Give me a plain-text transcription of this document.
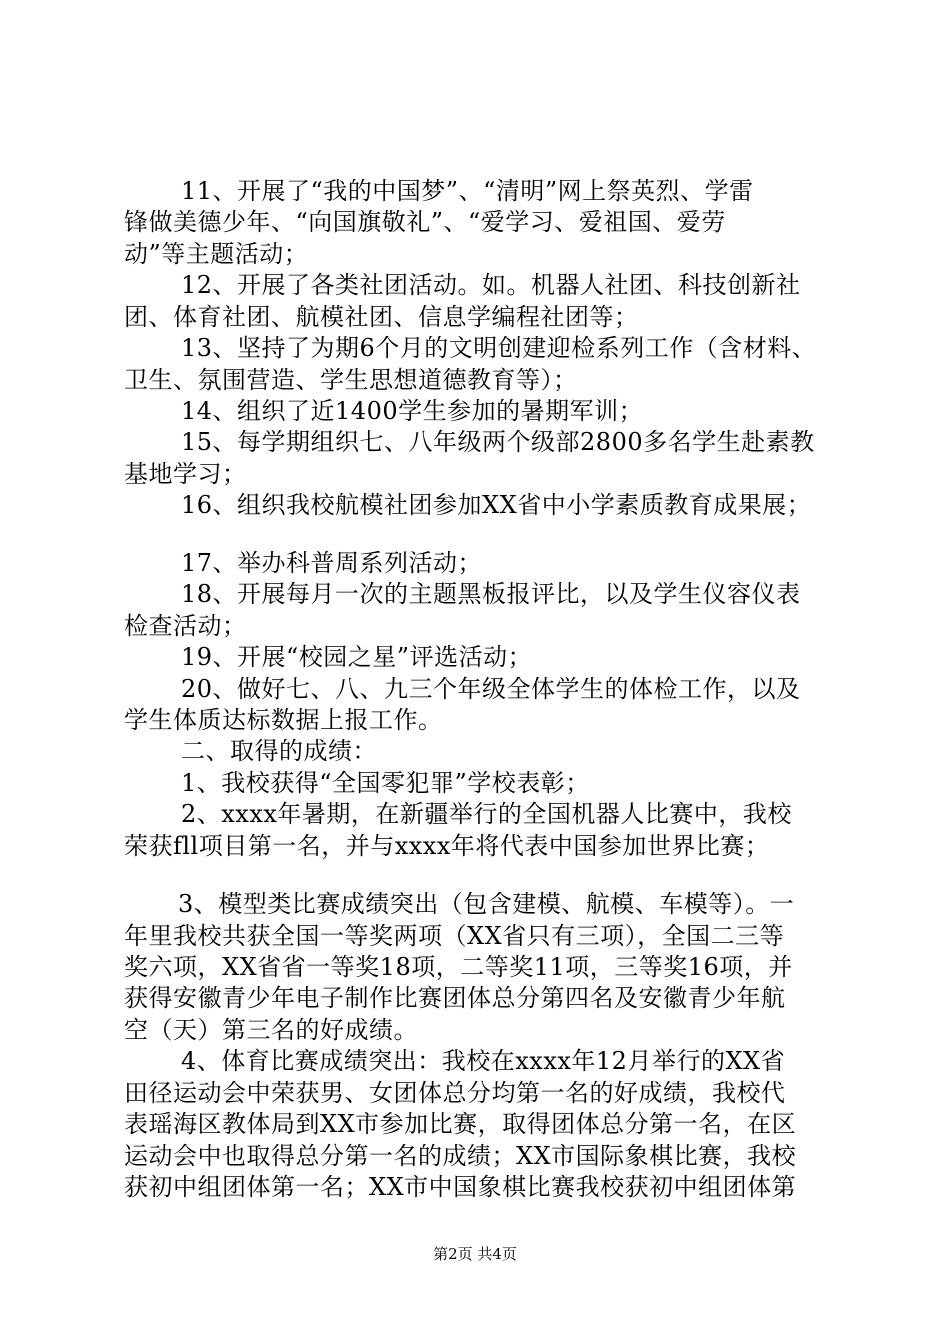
11、开展了“我的中国梦”、“清明”网上祭英烈、学雷
锋做美德少年、“向国旗敬礼”、“爱学习、爱祖国、爱劳
动”等主题活动；
12、开展了各类社团活动。如。机器人社团、科技创新社
团、体育社团、航模社团、信息学编程社团等；
13、坚持了为期6个月的文明创建迎检系列工作（含材料、
卫生、氛围营造、学生思想道德教育等）；
14、组织了近1400学生参加的暑期军训；
15、每学期组织七、八年级两个级部2800多名学生赴素教
基地学习；
16、组织我校航模社团参加XX省中小学素质教育成果展；
17、举办科普周系列活动；
18、开展每月一次的主题黑板报评比，以及学生仪容仪表
检查活动；
19、开展“校园之星”评选活动；
20、做好七、八、九三个年级全体学生的体检工作，以及
学生体质达标数据上报工作。
二、取得的成绩：
1、我校获得“全国零犯罪”学校表彰；
2、xxxx年暑期，在新疆举行的全国机器人比赛中，我校
荣获fll项目第一名，并与xxxx年将代表中国参加世界比赛；
3、模型类比赛成绩突出（包含建模、航模、车模等）。一
年里我校共获全国一等奖两项（XX省只有三项），全国二三等
奖六项，XX省省一等奖18项，二等奖11项，三等奖16项，并
获得安徽青少年电子制作比赛团体总分第四名及安徽青少年航
空（天）第三名的好成绩。
4、体育比赛成绩突出：我校在xxxx年12月举行的XX省
田径运动会中荣获男、女团体总分均第一名的好成绩，我校代
表瑶海区教体局到XX市参加比赛，取得团体总分第一名，在区
运动会中也取得总分第一名的成绩；XX市国际象棋比赛，我校
获初中组团体第一名；XX市中国象棋比赛我校获初中组团体第
第2页 共4页
